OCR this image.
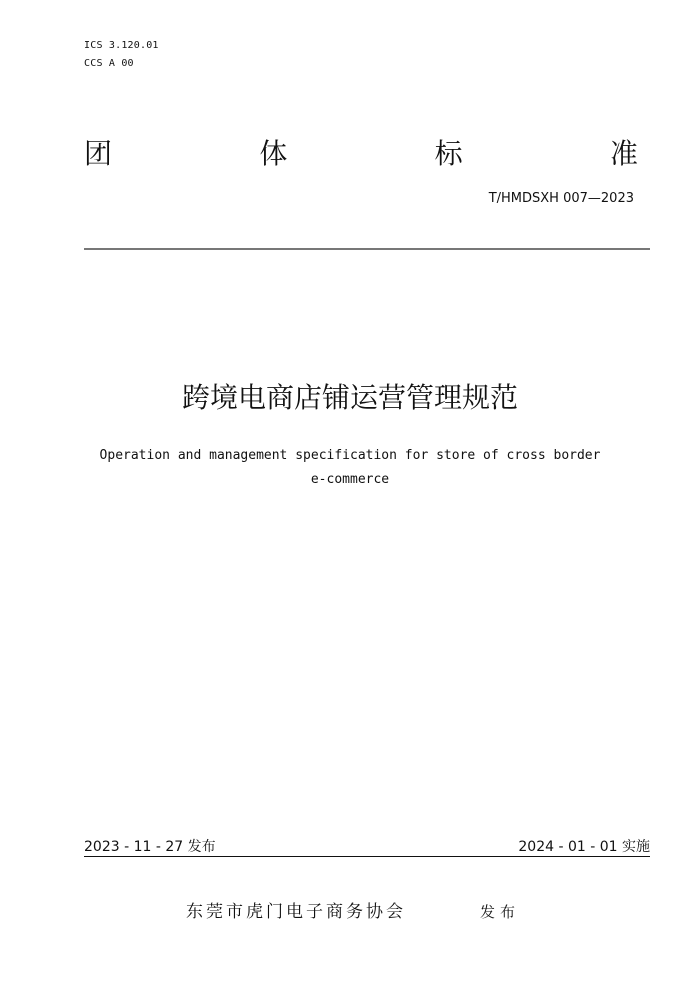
ICS 3.120.01
CCS A 00
团	体	标	准
T/HMDSXH 007—2023
跨境电商店铺运营管理规范
Operation and management specification for store of cross border
e-commerce
2023 - 11 - 27 发布	2024 - 01 - 01 实施
东莞市虎门电子商务协会	发布
